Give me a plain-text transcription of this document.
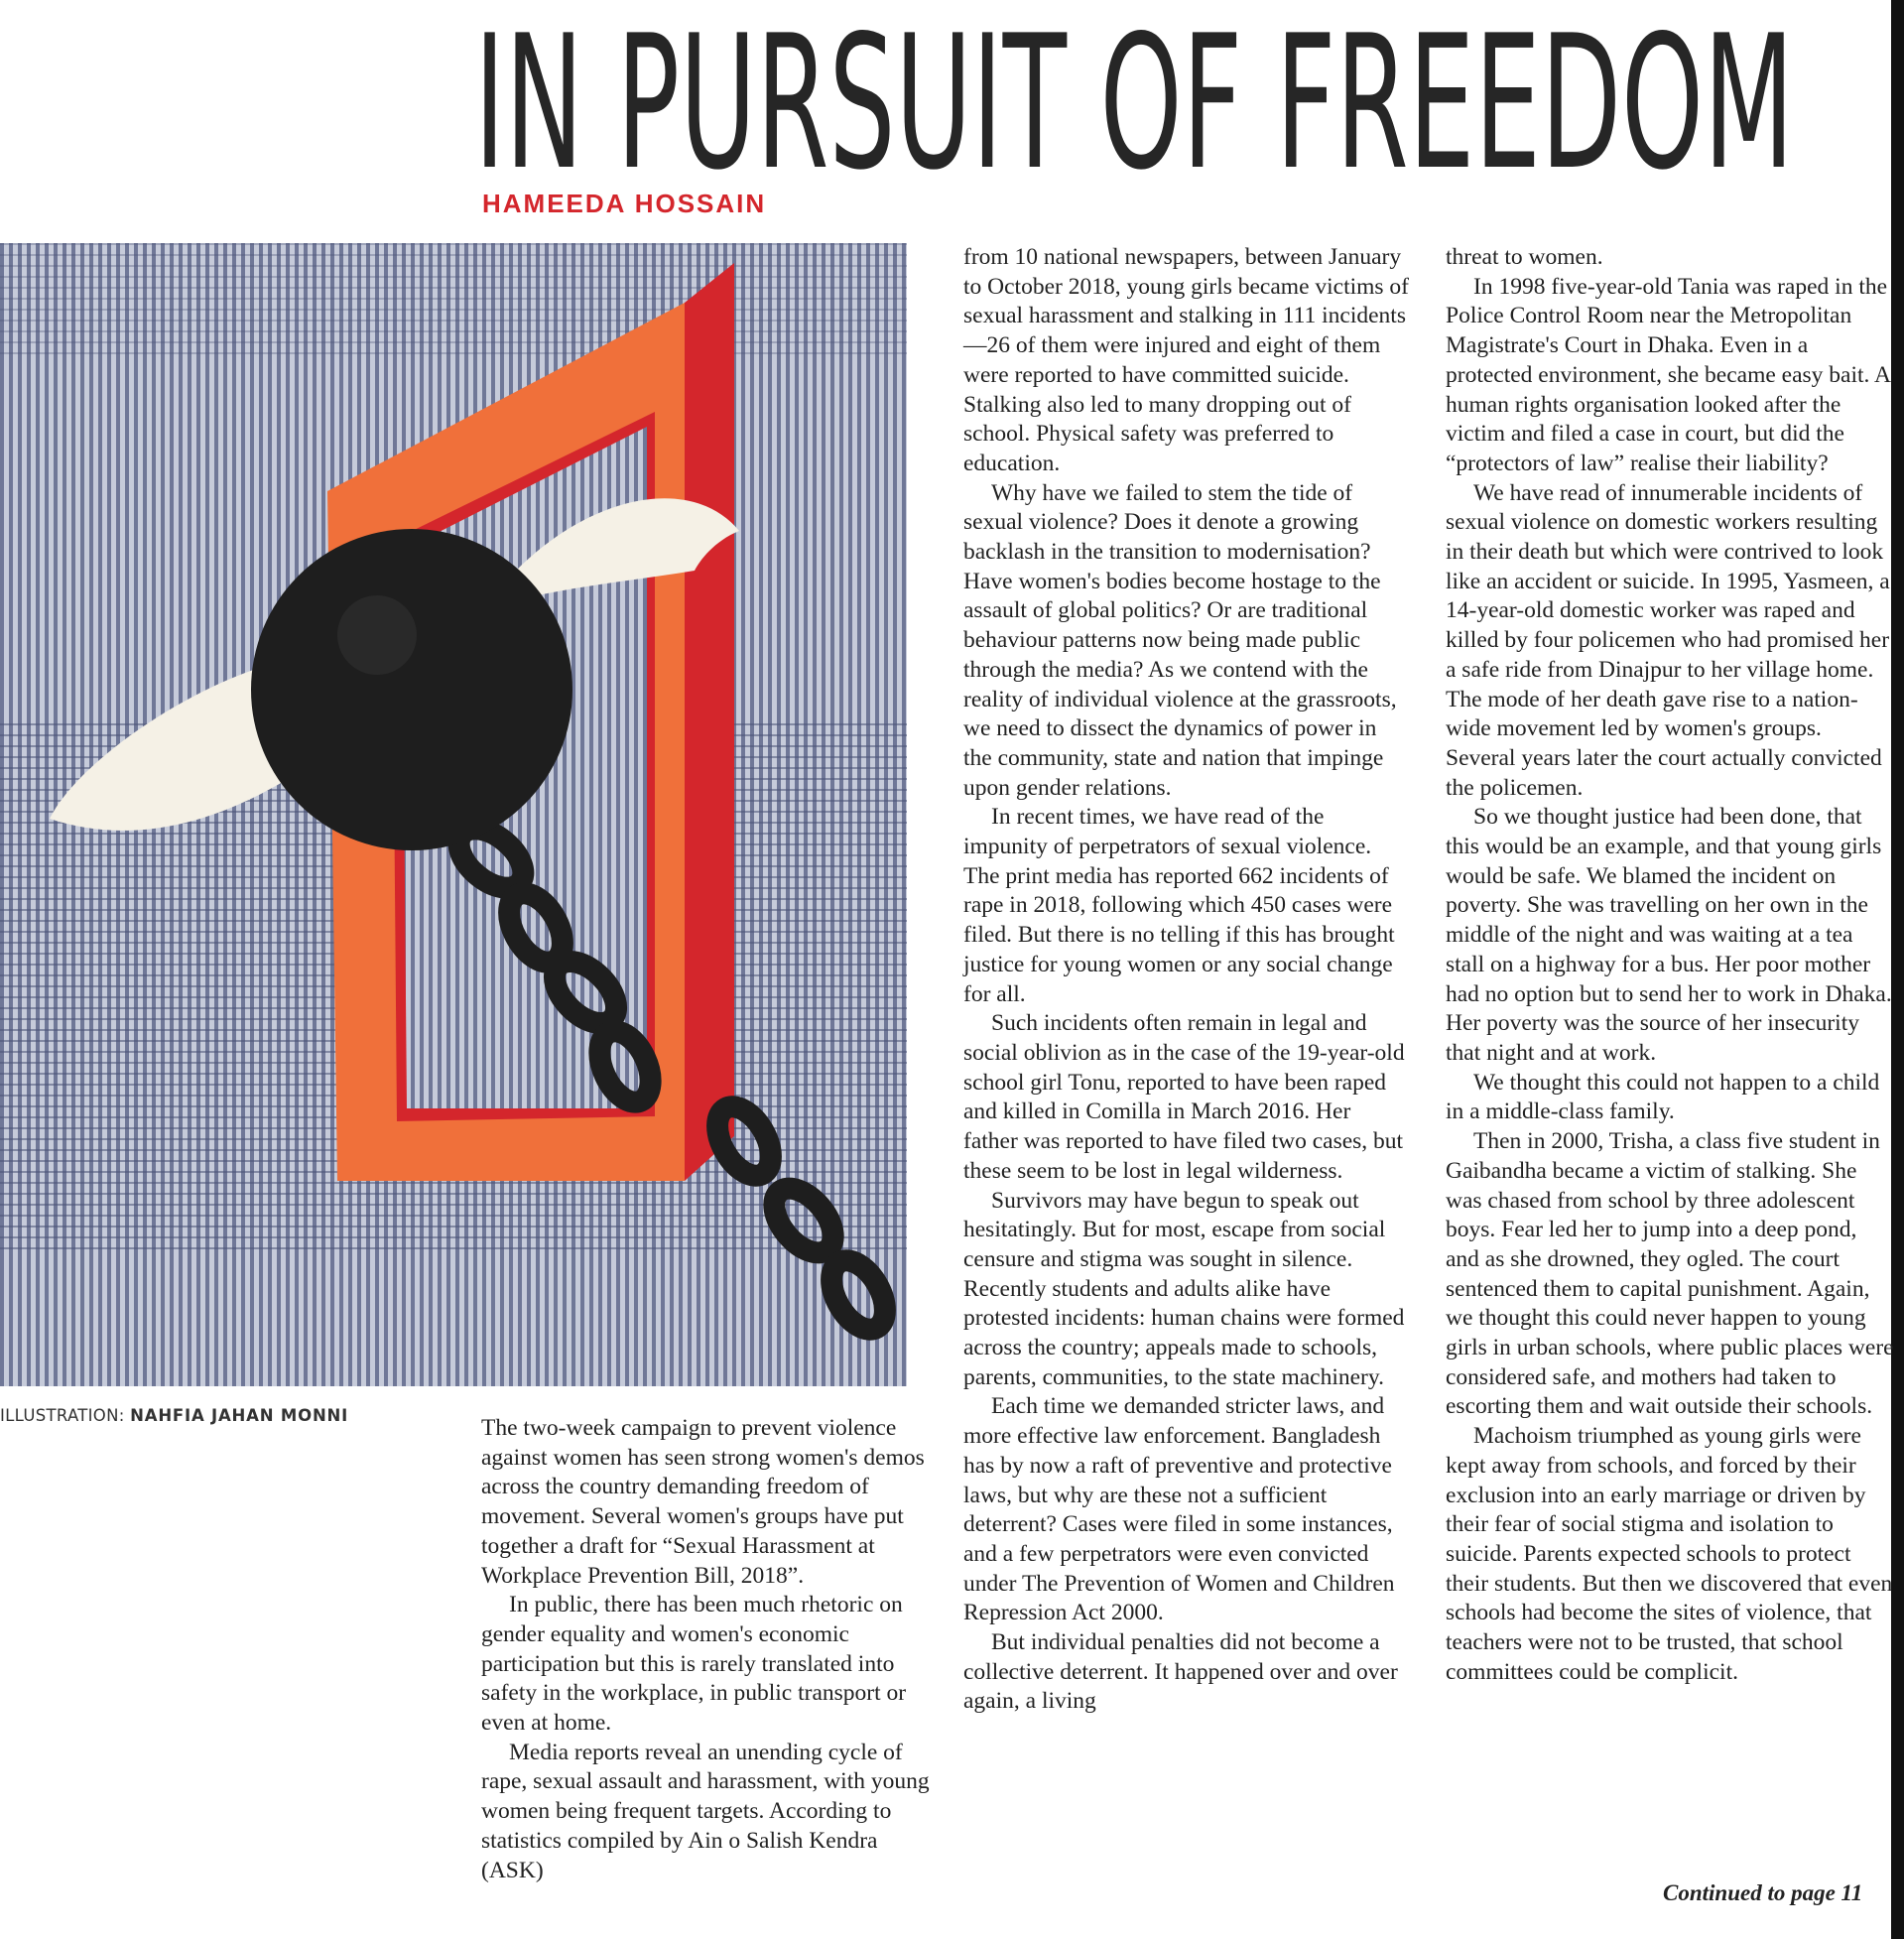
IN PURSUIT OF FREEDOM
HAMEEDA HOSSAIN
ILLUSTRATION: NAHFIA JAHAN MONNI	The two-week campaign to prevent violence against women has seen strong women's demos across the country demanding freedom of movement. Several women's groups have put together a draft for “Sexual Harassment at Workplace Prevention Bill, 2018”.

In public, there has been much rhetoric on gender equality and women's economic participation but this is rarely translated into safety in the workplace, in public transport or even at home.

Media reports reveal an unending cycle of rape, sexual assault and harassment, with young women being frequent targets. According to statistics compiled by Ain o Salish Kendra (ASK)

from 10 national newspapers, between January to October 2018, young girls became victims of sexual harassment and stalking in 111 incidents—26 of them were injured and eight of them were reported to have committed suicide. Stalking also led to many dropping out of school. Physical safety was preferred to education.

Why have we failed to stem the tide of sexual violence? Does it denote a growing backlash in the transition to modernisation? Have women's bodies become hostage to the assault of global politics? Or are traditional behaviour patterns now being made public through the media? As we contend with the reality of individual violence at the grassroots, we need to dissect the dynamics of power in the community, state and nation that impinge upon gender relations.

In recent times, we have read of the impunity of perpetrators of sexual violence. The print media has reported 662 incidents of rape in 2018, following which 450 cases were filed. But there is no telling if this has brought justice for young women or any social change for all.

Such incidents often remain in legal and social oblivion as in the case of the 19-year-old school girl Tonu, reported to have been raped and killed in Comilla in March 2016. Her father was reported to have filed two cases, but these seem to be lost in legal wilderness.

Survivors may have begun to speak out hesitatingly. But for most, escape from social censure and stigma was sought in silence. Recently students and adults alike have protested incidents: human chains were formed across the country; appeals made to schools, parents, communities, to the state machinery.

Each time we demanded stricter laws, and more effective law enforcement. Bangladesh has by now a raft of preventive and protective laws, but why are these not a sufficient deterrent? Cases were filed in some instances, and a few perpetrators were even convicted under The Prevention of Women and Children Repression Act 2000.

But individual penalties did not become a collective deterrent. It happened over and over again, a living

threat to women.

In 1998 five-year-old Tania was raped in the Police Control Room near the Metropolitan Magistrate's Court in Dhaka. Even in a protected environment, she became easy bait. A human rights organisation looked after the victim and filed a case in court, but did the “protectors of law” realise their liability?

We have read of innumerable incidents of sexual violence on domestic workers resulting in their death but which were contrived to look like an accident or suicide. In 1995, Yasmeen, a 14-year-old domestic worker was raped and killed by four policemen who had promised her a safe ride from Dinajpur to her village home. The mode of her death gave rise to a nation-wide movement led by women's groups. Several years later the court actually convicted the policemen.

So we thought justice had been done, that this would be an example, and that young girls would be safe. We blamed the incident on poverty. She was travelling on her own in the middle of the night and was waiting at a tea stall on a highway for a bus. Her poor mother had no option but to send her to work in Dhaka. Her poverty was the source of her insecurity that night and at work.

We thought this could not happen to a child in a middle-class family.

Then in 2000, Trisha, a class five student in Gaibandha became a victim of stalking. She was chased from school by three adolescent boys. Fear led her to jump into a deep pond, and as she drowned, they ogled. The court sentenced them to capital punishment. Again, we thought this could never happen to young girls in urban schools, where public places were considered safe, and mothers had taken to escorting them and wait outside their schools.

Machoism triumphed as young girls were kept away from schools, and forced by their exclusion into an early marriage or driven by their fear of social stigma and isolation to suicide. Parents expected schools to protect their students. But then we discovered that even schools had become the sites of violence, that teachers were not to be trusted, that school committees could be complicit.

Continued to page 11
